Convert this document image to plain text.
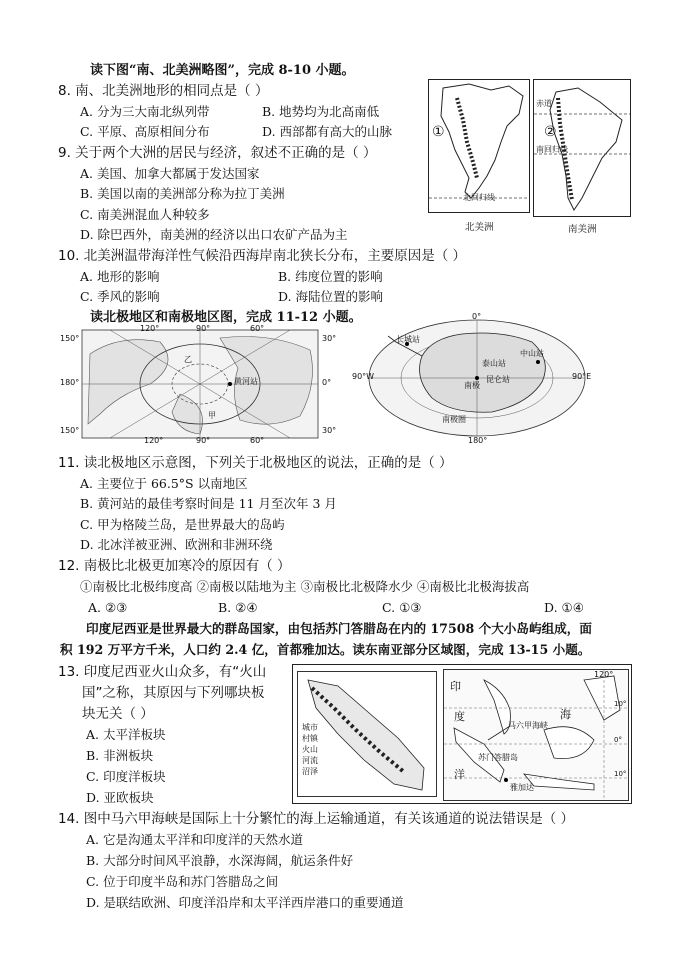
读下图“南、北美洲略图”，完成 8-10 小题。
8. 南、北美洲地形的相同点是（ ）
A. 分为三大南北纵列带	B. 地势均为北高南低
C. 平原、高原相间分布	D. 西部都有高大的山脉
9. 关于两个大洲的居民与经济，叙述不正确的是（ ）
A. 美国、加拿大都属于发达国家
B. 美国以南的美洲部分称为拉丁美洲
C. 南美洲混血人种较多
D. 除巴西外，南美洲的经济以出口农矿产品为主
10. 北美洲温带海洋性气候沿西海岸南北狭长分布，主要原因是（ ）
A. 地形的影响	B. 纬度位置的影响
C. 季风的影响	D. 海陆位置的影响
①
北回归线
北美洲
赤道
②
南回归线
南美洲
读北极地区和南极地区图，完成 11-12 小题。
150°
180°
150°
120°	90°	60°
30°
0°
30°
120°	90°	60°
黄河站
甲
乙
0°
90°W	90°E
180°
长城站
中山站
泰山站
昆仑站
南极
南极圈
11. 读北极地区示意图，下列关于北极地区的说法，正确的是（ ）
A. 主要位于 66.5°S 以南地区
B. 黄河站的最佳考察时间是 11 月至次年 3 月
C. 甲为格陵兰岛，是世界最大的岛屿
D. 北冰洋被亚洲、欧洲和非洲环绕
12. 南极比北极更加寒冷的原因有（ ）
①南极比北极纬度高 ②南极以陆地为主 ③南极比北极降水少 ④南极比北极海拔高
A. ②③	B. ②④	C. ①③	D. ①④
印度尼西亚是世界最大的群岛国家，由包括苏门答腊岛在内的 17508 个大小岛屿组成，面
积 192 万平方千米，人口约 2.4 亿，首都雅加达。读东南亚部分区域图，完成 13-15 小题。
13. 印度尼西亚火山众多，有“火山
国”之称，其原因与下列哪块板
块无关（ ）
A. 太平洋板块
B. 非洲板块
C. 印度洋板块
D. 亚欧板块
城市
村镇
火山
河流
沼泽
印
度
洋
海
马六甲海峡
苏门答腊岛
雅加达
120°
10°
0°
10°
14. 图中马六甲海峡是国际上十分繁忙的海上运输通道，有关该通道的说法错误是（ ）
A. 它是沟通太平洋和印度洋的天然水道
B. 大部分时间风平浪静，水深海阔，航运条件好
C. 位于印度半岛和苏门答腊岛之间
D. 是联结欧洲、印度洋沿岸和太平洋西岸港口的重要通道
